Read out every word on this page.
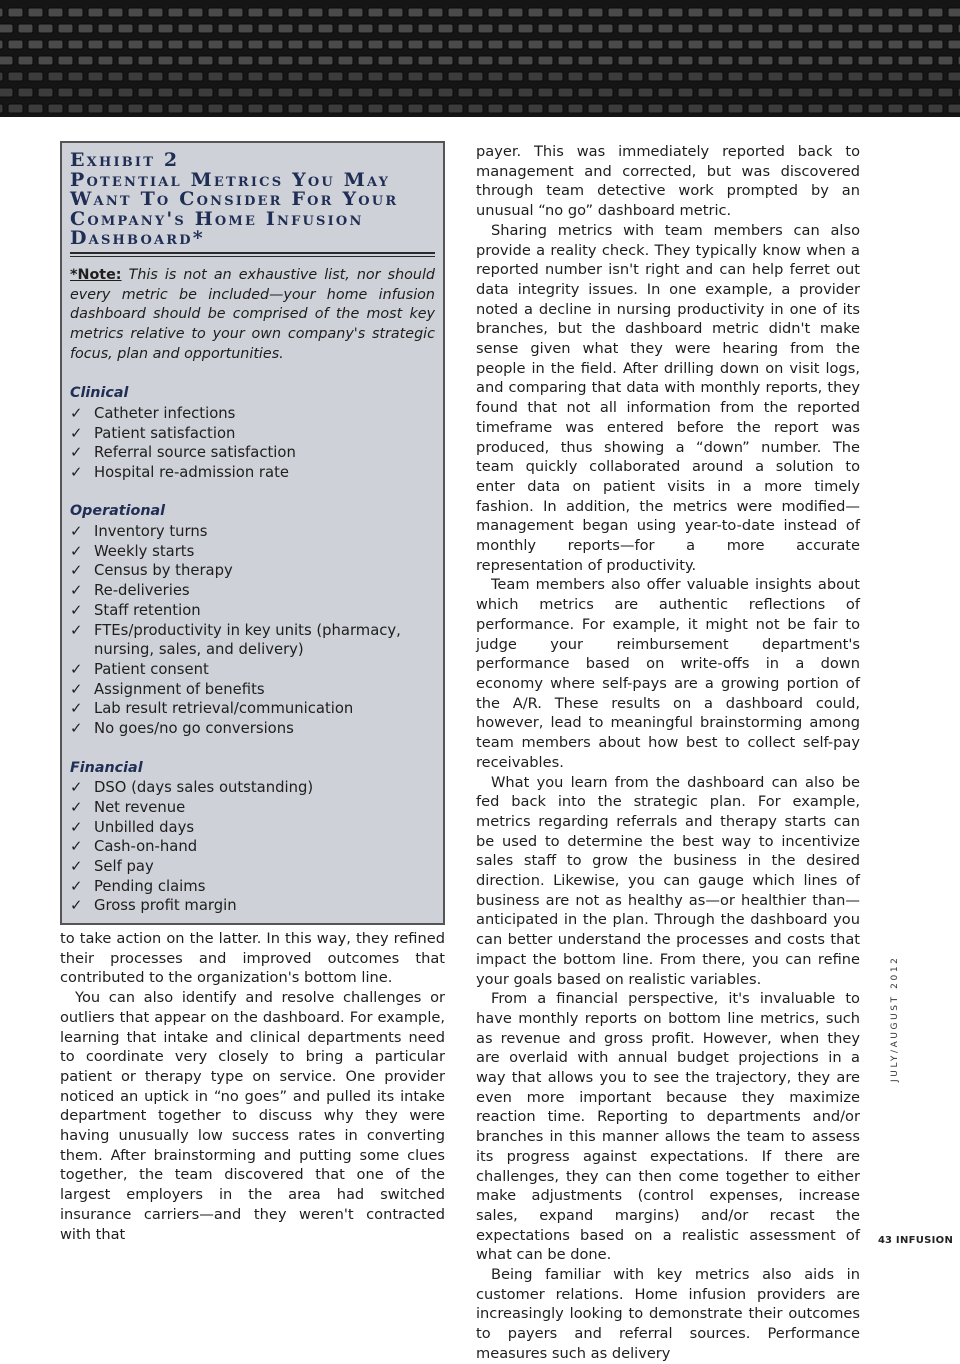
Exhibit 2
Potential Metrics You May Want To Consider For Your Company's Home Infusion Dashboard*

*Note: This is not an exhaustive list, nor should every metric be included—your home infusion dashboard should be comprised of the most key metrics relative to your own company's strategic focus, plan and opportunities.

Clinical
✓ Catheter infections
✓ Patient satisfaction
✓ Referral source satisfaction
✓ Hospital re-admission rate
Operational
✓ Inventory turns
✓ Weekly starts
✓ Census by therapy
✓ Re-deliveries
✓ Staff retention
✓ FTEs/productivity in key units (pharmacy, nursing, sales, and delivery)
✓ Patient consent
✓ Assignment of benefits
✓ Lab result retrieval/communication
✓ No goes/no go conversions
Financial
✓ DSO (days sales outstanding)
✓ Net revenue
✓ Unbilled days
✓ Cash-on-hand
✓ Self pay
✓ Pending claims
✓ Gross profit margin

to take action on the latter. In this way, they refined their processes and improved outcomes that contributed to the organization's bottom line.

You can also identify and resolve challenges or outliers that appear on the dashboard. For example, learning that intake and clinical departments need to coordinate very closely to bring a particular patient or therapy type on service. One provider noticed an uptick in “no goes” and pulled its intake department together to discuss why they were having unusually low success rates in converting them. After brainstorming and putting some clues together, the team discovered that one of the largest employers in the area had switched insurance carriers—and they weren't contracted with that

payer. This was immediately reported back to management and corrected, but was discovered through team detective work prompted by an unusual “no go” dashboard metric.

Sharing metrics with team members can also provide a reality check. They typically know when a reported number isn't right and can help ferret out data integrity issues. In one example, a provider noted a decline in nursing productivity in one of its branches, but the dashboard metric didn't make sense given what they were hearing from the people in the field. After drilling down on visit logs, and comparing that data with monthly reports, they found that not all information from the reported timeframe was entered before the report was produced, thus showing a “down” number. The team quickly collaborated around a solution to enter data on patient visits in a more timely fashion. In addition, the metrics were modified—management began using year-to-date instead of monthly reports—for a more accurate representation of productivity.

Team members also offer valuable insights about which metrics are authentic reflections of performance. For example, it might not be fair to judge your reimbursement department's performance based on write-offs in a down economy where self-pays are a growing portion of the A/R. These results on a dashboard could, however, lead to meaningful brainstorming among team members about how best to collect self-pay receivables.

What you learn from the dashboard can also be fed back into the strategic plan. For example, metrics regarding referrals and therapy starts can be used to determine the best way to incentivize sales staff to grow the business in the desired direction. Likewise, you can gauge which lines of business are not as healthy as—or healthier than—anticipated in the plan. Through the dashboard you can better understand the processes and costs that impact the bottom line. From there, you can refine your goals based on realistic variables.

From a financial perspective, it's invaluable to have monthly reports on bottom line metrics, such as revenue and gross profit. However, when they are overlaid with annual budget projections in a way that allows you to see the trajectory, they are even more important because they maximize reaction time. Reporting to departments and/or branches in this manner allows the team to assess its progress against expectations. If there are challenges, they can then come together to either make adjustments (control expenses, increase sales, expand margins) and/or recast the expectations based on a realistic assessment of what can be done.

Being familiar with key metrics also aids in customer relations. Home infusion providers are increasingly looking to demonstrate their outcomes to payers and referral sources. Performance measures such as delivery

JULY/AUGUST 2012
43 INFUSION
